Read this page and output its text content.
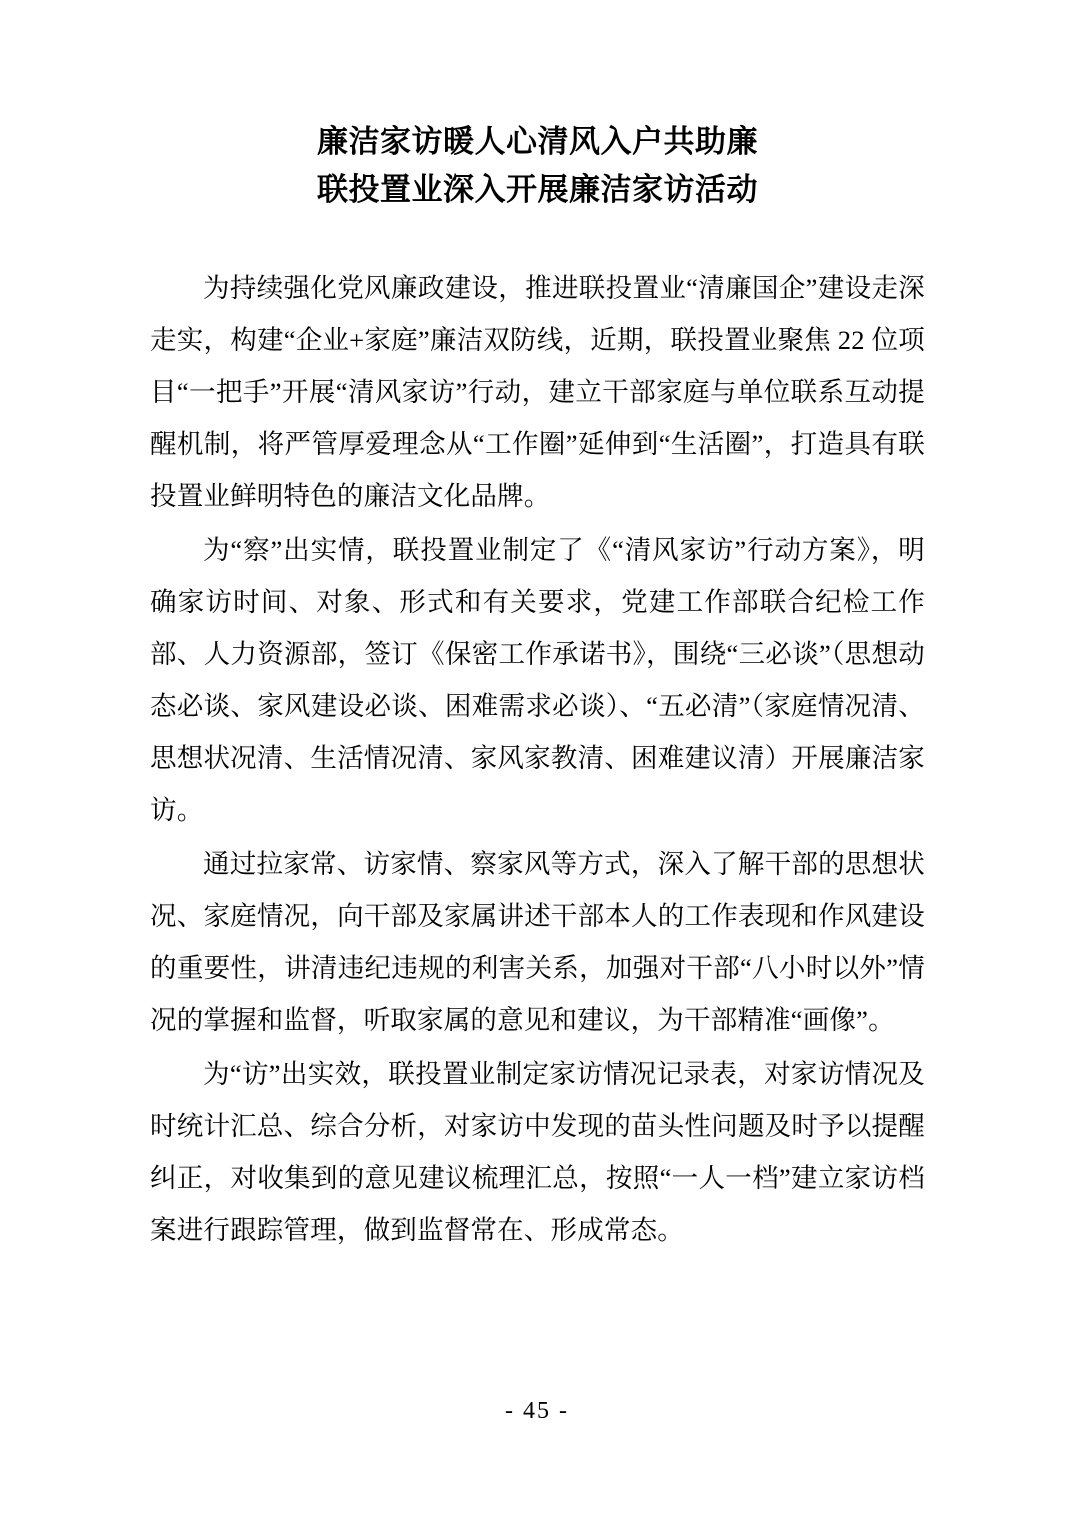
廉洁家访暖人心清风入户共助廉
联投置业深入开展廉洁家访活动

为持续强化党风廉政建设，推进联投置业“清廉国企”建设走深走实，构建“企业+家庭”廉洁双防线，近期，联投置业聚焦 22 位项目“一把手”开展“清风家访”行动，建立干部家庭与单位联系互动提醒机制，将严管厚爱理念从“工作圈”延伸到“生活圈”，打造具有联投置业鲜明特色的廉洁文化品牌。

为“察”出实情，联投置业制定了《“清风家访”行动方案》，明确家访时间、对象、形式和有关要求，党建工作部联合纪检工作部、人力资源部，签订《保密工作承诺书》，围绕“三必谈”（思想动态必谈、家风建设必谈、困难需求必谈）、“五必清”（家庭情况清、思想状况清、生活情况清、家风家教清、困难建议清）开展廉洁家访。

通过拉家常、访家情、察家风等方式，深入了解干部的思想状况、家庭情况，向干部及家属讲述干部本人的工作表现和作风建设的重要性，讲清违纪违规的利害关系，加强对干部“八小时以外”情况的掌握和监督，听取家属的意见和建议，为干部精准“画像”。

为“访”出实效，联投置业制定家访情况记录表，对家访情况及时统计汇总、综合分析，对家访中发现的苗头性问题及时予以提醒纠正，对收集到的意见建议梳理汇总，按照“一人一档”建立家访档案进行跟踪管理，做到监督常在、形成常态。

- 45 -
